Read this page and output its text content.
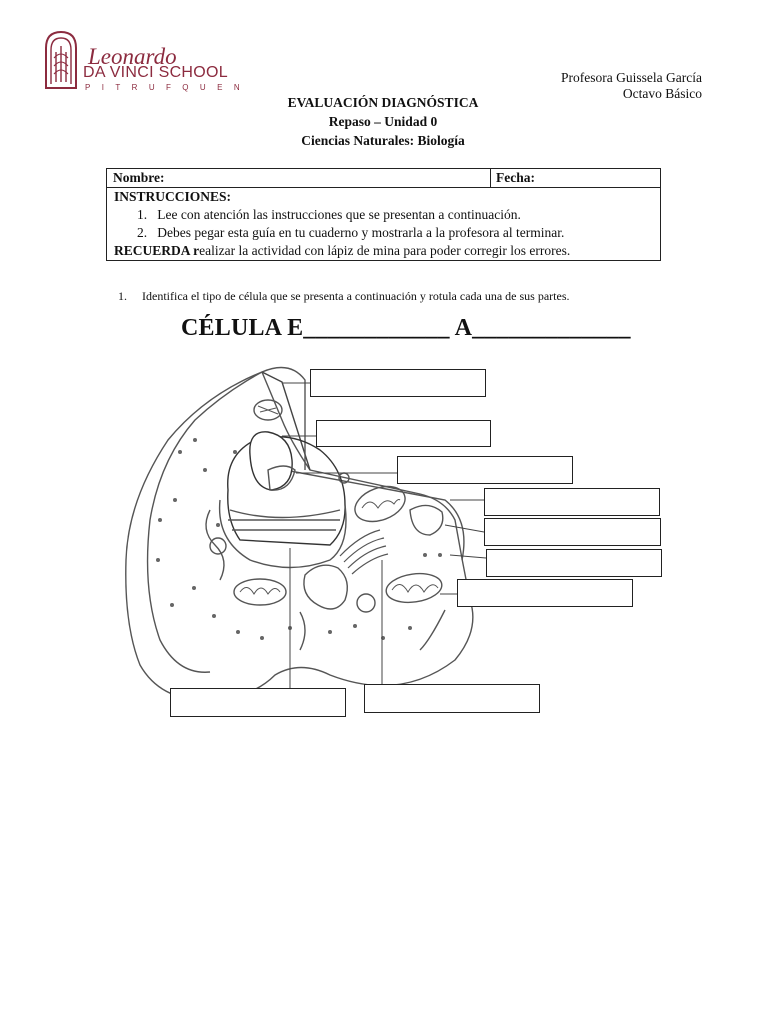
Leonardo
DA VINCI SCHOOL
PITRUFQUEN
Profesora Guissela García
Octavo Básico
EVALUACIÓN DIAGNÓSTICA
Repaso – Unidad 0
Ciencias Naturales: Biología
Nombre:	Fecha:
INSTRUCCIONES:
1. Lee con atención las instrucciones que se presentan a continuación.
2. Debes pegar esta guía en tu cuaderno y mostrarla a la profesora al terminar.
RECUERDA realizar la actividad con lápiz de mina para poder corregir los errores.
1. Identifica el tipo de célula que se presenta a continuación y rotula cada una de sus partes.
CÉLULA E____________ A_____________
